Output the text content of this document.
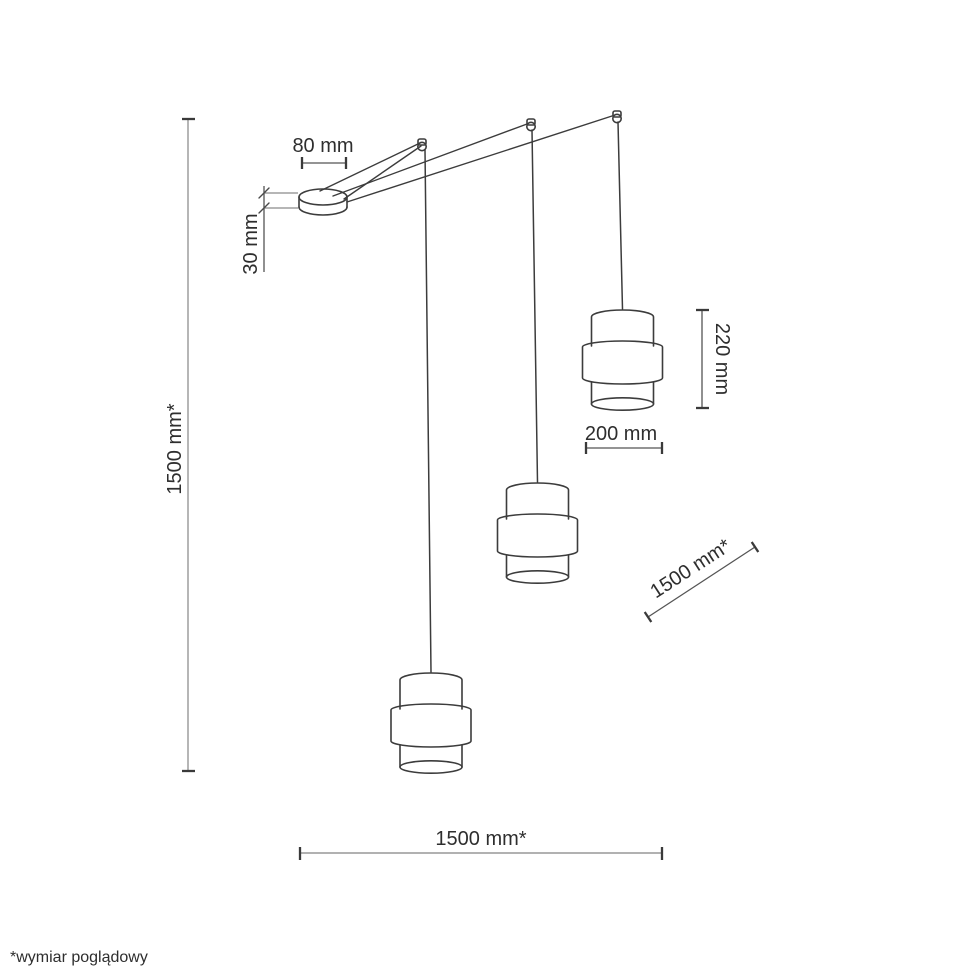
80 mm
30 mm
1500 mm*
220 mm
200 mm
1500 mm*
1500 mm*
*wymiar poglądowy
